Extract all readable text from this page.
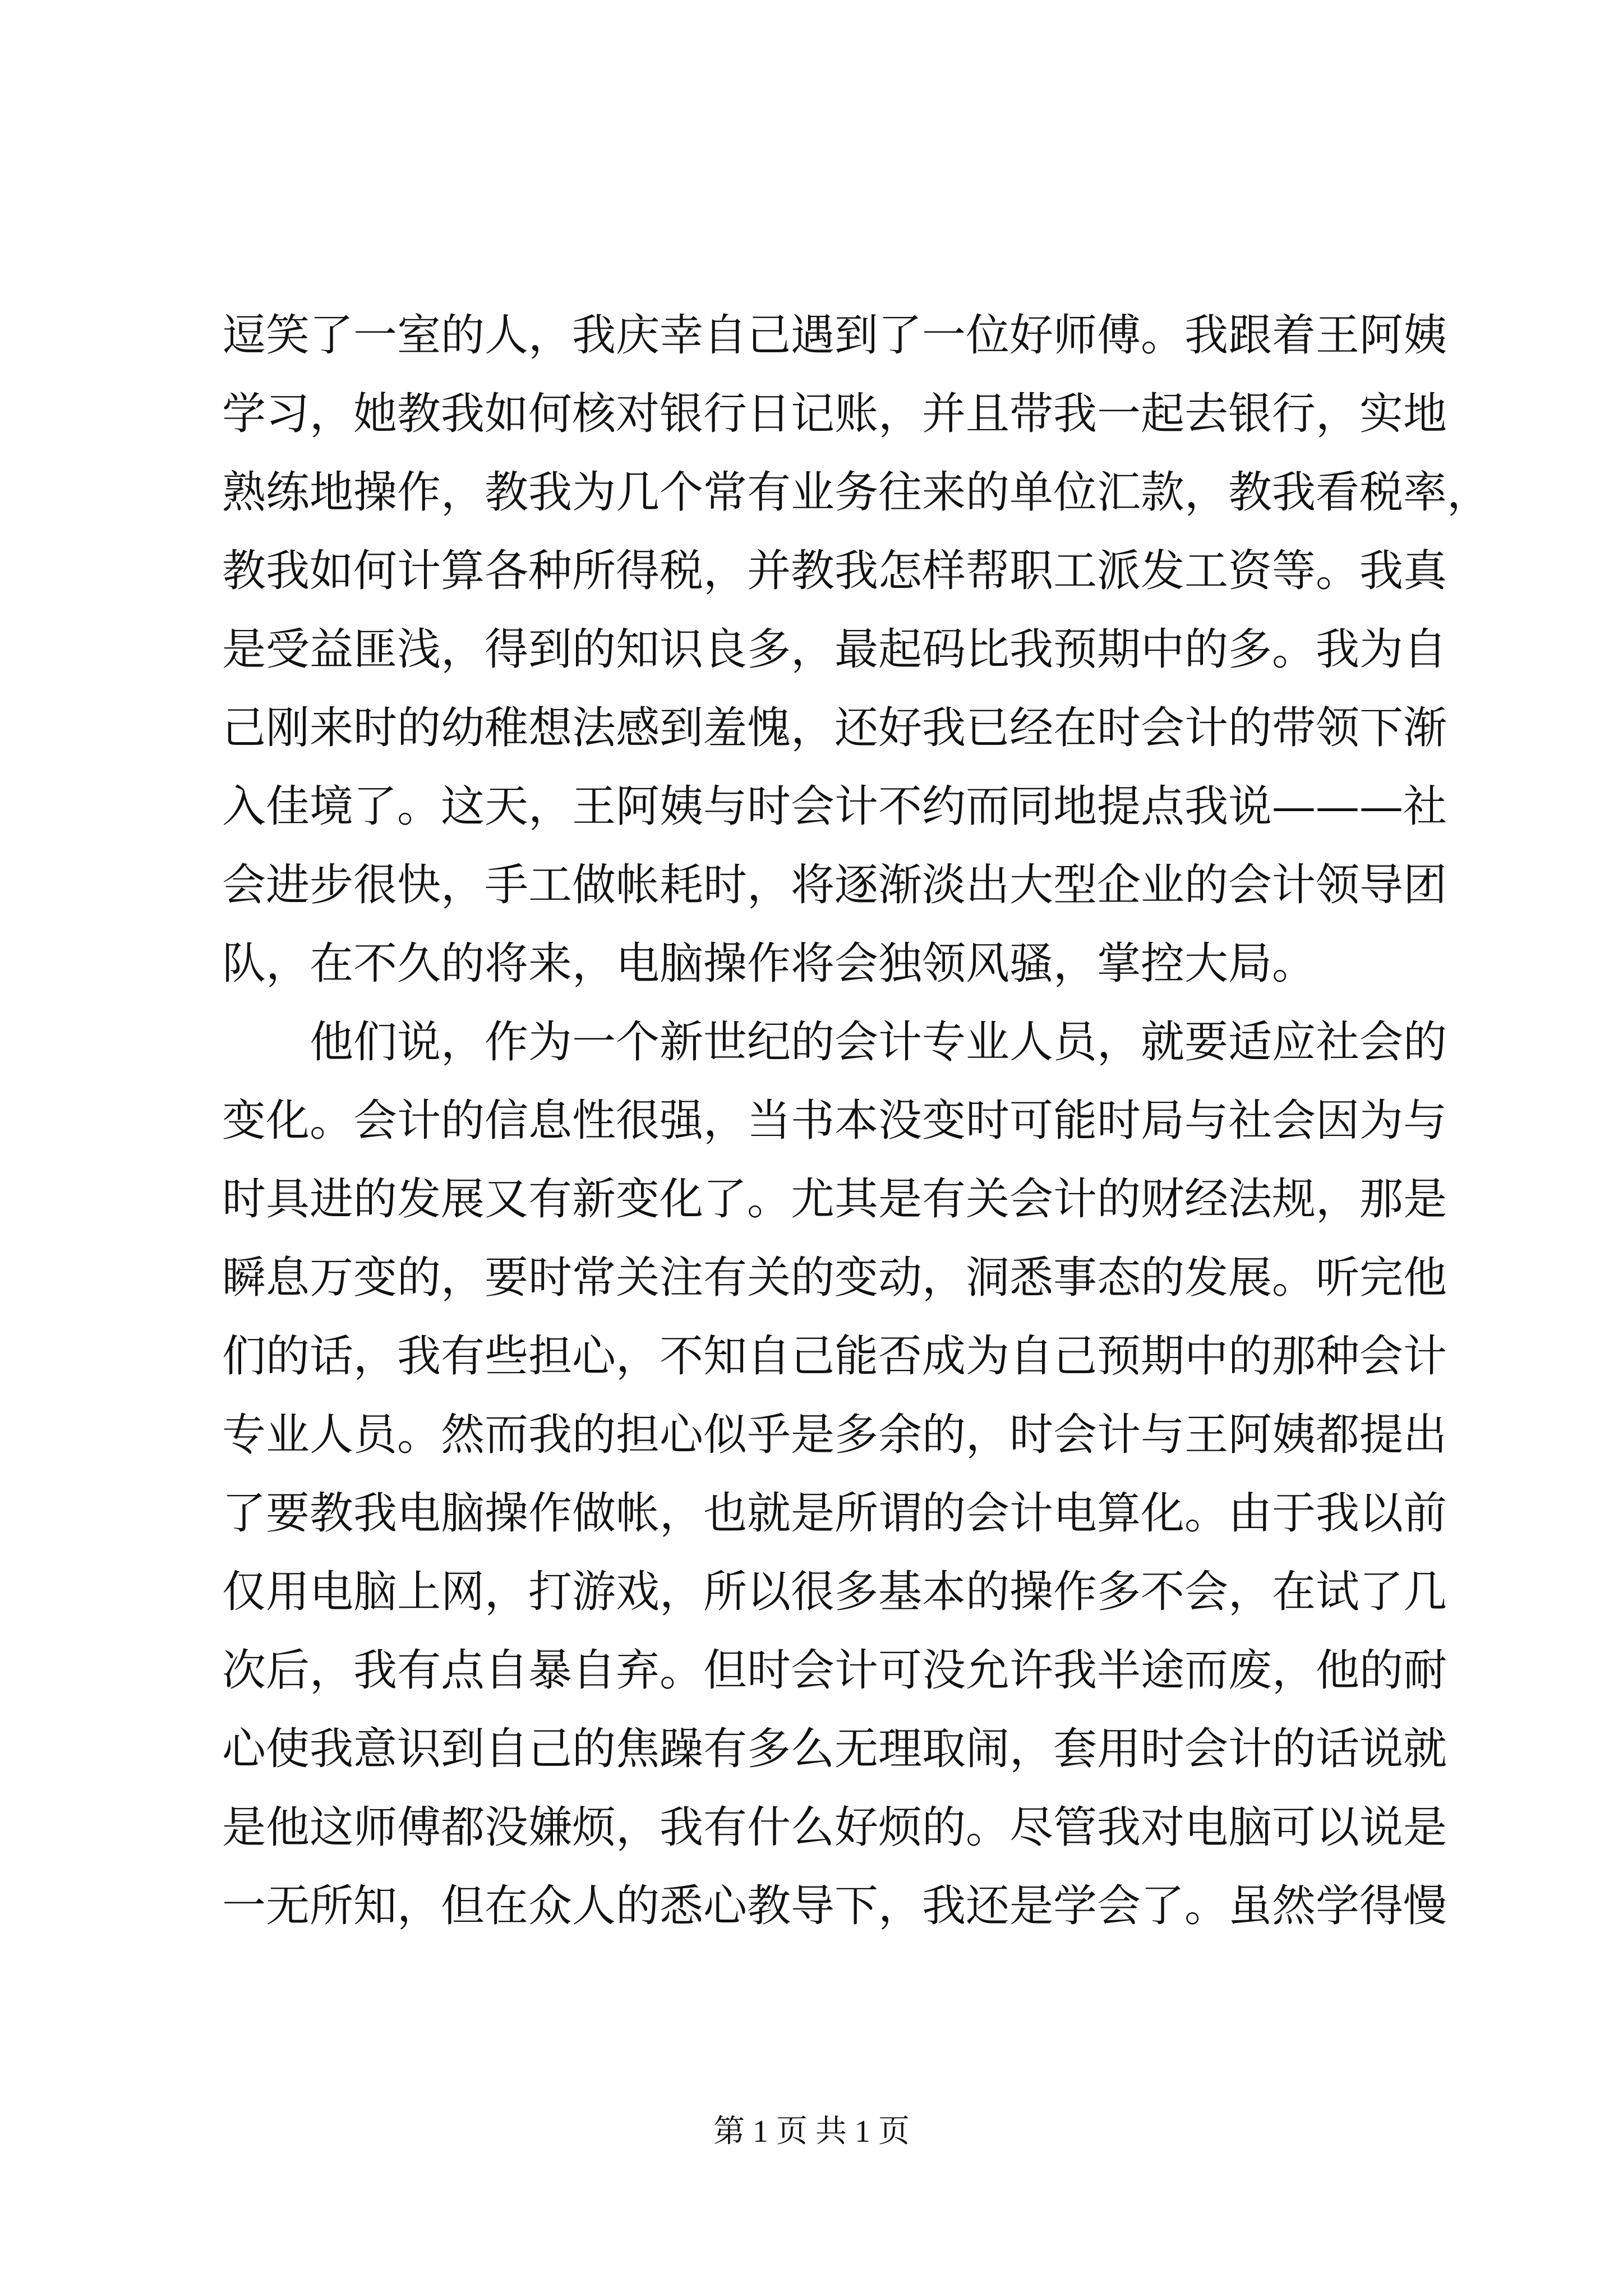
逗笑了一室的人，我庆幸自己遇到了一位好师傅。我跟着王阿姨
学习，她教我如何核对银行日记账，并且带我一起去银行，实地
熟练地操作，教我为几个常有业务往来的单位汇款，教我看税率，
教我如何计算各种所得税，并教我怎样帮职工派发工资等。我真
是受益匪浅，得到的知识良多，最起码比我预期中的多。我为自
己刚来时的幼稚想法感到羞愧，还好我已经在时会计的带领下渐
入佳境了。这天，王阿姨与时会计不约而同地提点我说———社
会进步很快，手工做帐耗时，将逐渐淡出大型企业的会计领导团
队，在不久的将来，电脑操作将会独领风骚，掌控大局。
他们说，作为一个新世纪的会计专业人员，就要适应社会的
变化。会计的信息性很强，当书本没变时可能时局与社会因为与
时具进的发展又有新变化了。尤其是有关会计的财经法规，那是
瞬息万变的，要时常关注有关的变动，洞悉事态的发展。听完他
们的话，我有些担心，不知自己能否成为自己预期中的那种会计
专业人员。然而我的担心似乎是多余的，时会计与王阿姨都提出
了要教我电脑操作做帐，也就是所谓的会计电算化。由于我以前
仅用电脑上网，打游戏，所以很多基本的操作多不会，在试了几
次后，我有点自暴自弃。但时会计可没允许我半途而废，他的耐
心使我意识到自己的焦躁有多么无理取闹，套用时会计的话说就
是他这师傅都没嫌烦，我有什么好烦的。尽管我对电脑可以说是
一无所知，但在众人的悉心教导下，我还是学会了。虽然学得慢
第 1 页 共 1 页
